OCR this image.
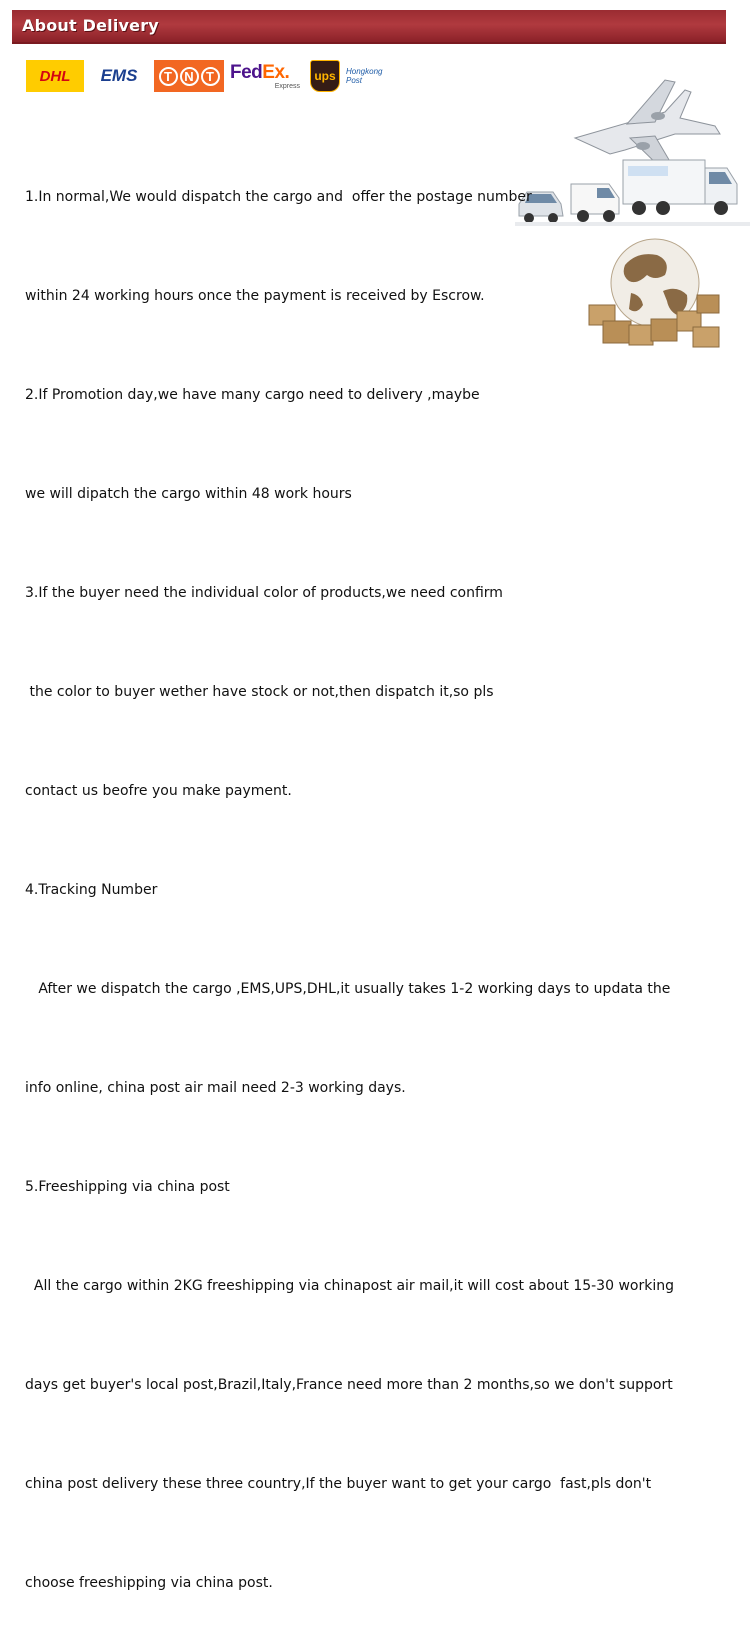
About Delivery
DHL EMS	T N T FedEx.
Express
ups Hongkong Post

1.In normal,We would dispatch the cargo and  offer the postage number

within 24 working hours once the payment is received by Escrow.

2.If Promotion day,we have many cargo need to delivery ,maybe

we will dipatch the cargo within 48 work hours

3.If the buyer need the individual color of products,we need confirm

the color to buyer wether have stock or not,then dispatch it,so pls

contact us beofre you make payment.

4.Tracking Number

After we dispatch the cargo ,EMS,UPS,DHL,it usually takes 1-2 working days to updata the

info online, china post air mail need 2-3 working days.

5.Freeshipping via china post

All the cargo within 2KG freeshipping via chinapost air mail,it will cost about 15-30 working

days get buyer's local post,Brazil,Italy,France need more than 2 months,so we don't support

china post delivery these three country,If the buyer want to get your cargo  fast,pls don't

choose freeshipping via china post.
